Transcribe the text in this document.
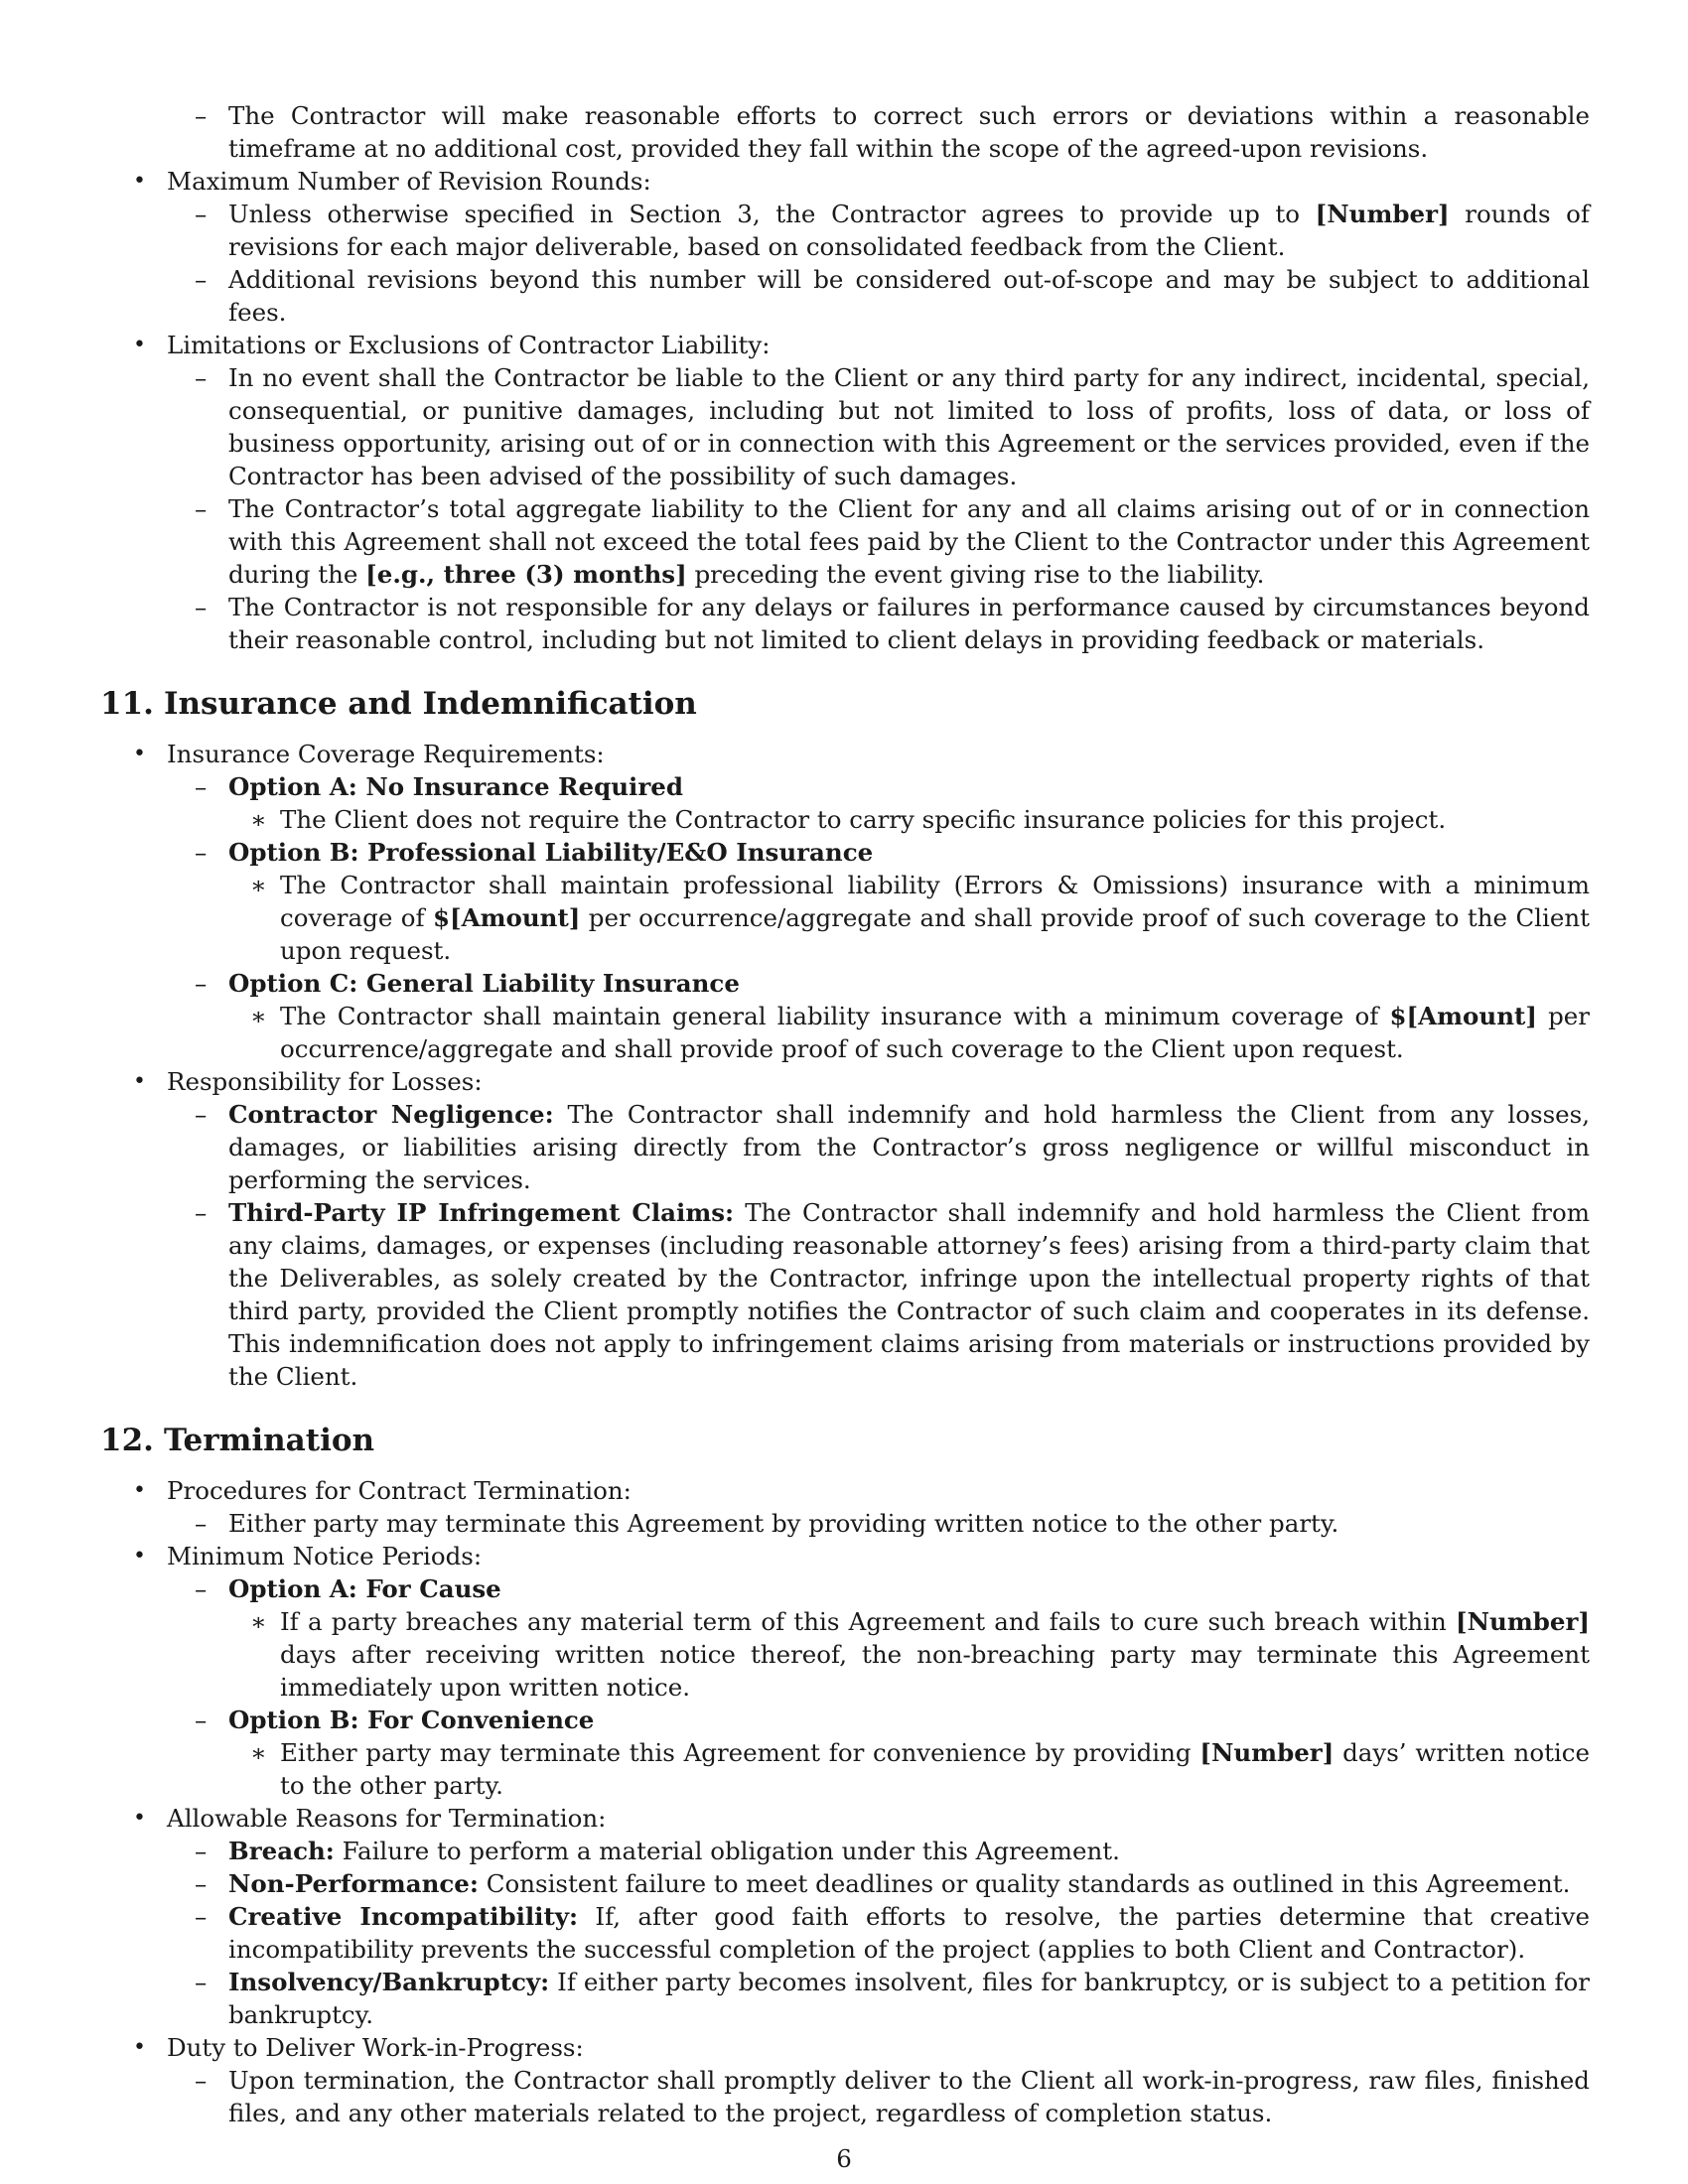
– The Contractor will make reasonable efforts to correct such errors or deviations within a reasonable timeframe at no additional cost, provided they fall within the scope of the agreed-upon revisions.
• Maximum Number of Revision Rounds:
– Unless otherwise specified in Section 3, the Contractor agrees to provide up to [Number] rounds of revisions for each major deliverable, based on consolidated feedback from the Client.
– Additional revisions beyond this number will be considered out-of-scope and may be subject to additional fees.
• Limitations or Exclusions of Contractor Liability:
– In no event shall the Contractor be liable to the Client or any third party for any indirect, incidental, special, consequential, or punitive damages, including but not limited to loss of profits, loss of data, or loss of business opportunity, arising out of or in connection with this Agreement or the services provided, even if the Contractor has been advised of the possibility of such damages.
– The Contractor’s total aggregate liability to the Client for any and all claims arising out of or in connection with this Agreement shall not exceed the total fees paid by the Client to the Contractor under this Agreement during the [e.g., three (3) months] preceding the event giving rise to the liability.
– The Contractor is not responsible for any delays or failures in performance caused by circumstances beyond their reasonable control, including but not limited to client delays in providing feedback or materials.
11. Insurance and Indemnification
• Insurance Coverage Requirements:
– Option A: No Insurance Required
∗ The Client does not require the Contractor to carry specific insurance policies for this project.
– Option B: Professional Liability/E&O Insurance
∗ The Contractor shall maintain professional liability (Errors & Omissions) insurance with a minimum coverage of $[Amount] per occurrence/aggregate and shall provide proof of such coverage to the Client upon request.
– Option C: General Liability Insurance
∗ The Contractor shall maintain general liability insurance with a minimum coverage of $[Amount] per occurrence/aggregate and shall provide proof of such coverage to the Client upon request.
• Responsibility for Losses:
– Contractor Negligence: The Contractor shall indemnify and hold harmless the Client from any losses, damages, or liabilities arising directly from the Contractor’s gross negligence or willful misconduct in performing the services.
– Third-Party IP Infringement Claims: The Contractor shall indemnify and hold harmless the Client from any claims, damages, or expenses (including reasonable attorney’s fees) arising from a third-party claim that the Deliverables, as solely created by the Contractor, infringe upon the intellectual property rights of that third party, provided the Client promptly notifies the Contractor of such claim and cooperates in its defense. This indemnification does not apply to infringement claims arising from materials or instructions provided by the Client.
12. Termination
• Procedures for Contract Termination:
– Either party may terminate this Agreement by providing written notice to the other party.
• Minimum Notice Periods:
– Option A: For Cause
∗ If a party breaches any material term of this Agreement and fails to cure such breach within [Number] days after receiving written notice thereof, the non-breaching party may terminate this Agreement immediately upon written notice.
– Option B: For Convenience
∗ Either party may terminate this Agreement for convenience by providing [Number] days’ written notice to the other party.
• Allowable Reasons for Termination:
– Breach: Failure to perform a material obligation under this Agreement.
– Non-Performance: Consistent failure to meet deadlines or quality standards as outlined in this Agreement.
– Creative Incompatibility: If, after good faith efforts to resolve, the parties determine that creative incompatibility prevents the successful completion of the project (applies to both Client and Contractor).
– Insolvency/Bankruptcy: If either party becomes insolvent, files for bankruptcy, or is subject to a petition for bankruptcy.
• Duty to Deliver Work-in-Progress:
– Upon termination, the Contractor shall promptly deliver to the Client all work-in-progress, raw files, finished files, and any other materials related to the project, regardless of completion status.
6
